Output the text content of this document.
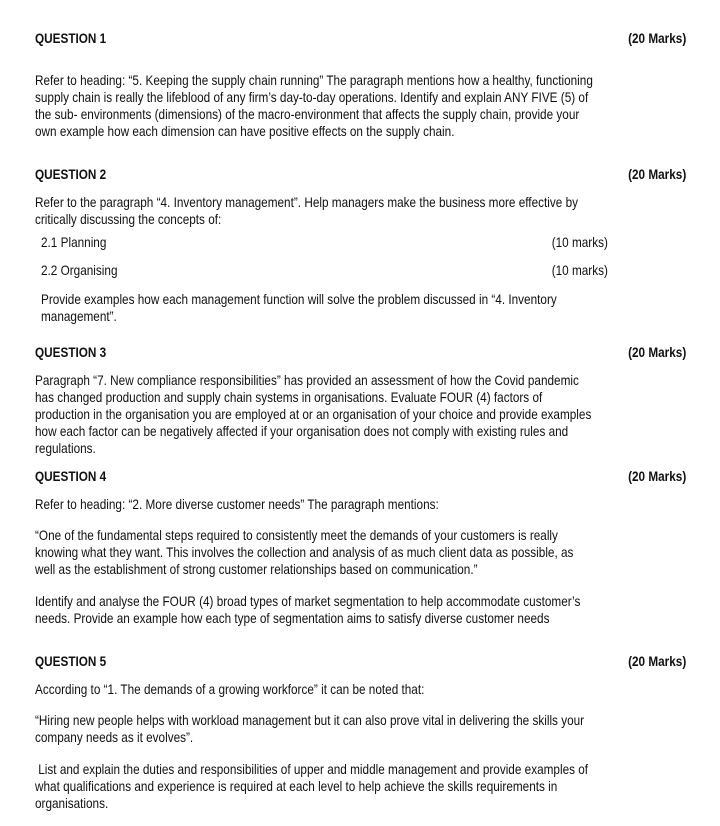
QUESTION 1	(20 Marks)
Refer to heading: “5. Keeping the supply chain running” The paragraph mentions how a healthy, functioning
supply chain is really the lifeblood of any firm’s day-to-day operations. Identify and explain ANY FIVE (5) of
the sub- environments (dimensions) of the macro-environment that affects the supply chain, provide your
own example how each dimension can have positive effects on the supply chain.
QUESTION 2	(20 Marks)
Refer to the paragraph “4. Inventory management”. Help managers make the business more effective by
critically discussing the concepts of:
2.1 Planning	(10 marks)
2.2 Organising	(10 marks)
Provide examples how each management function will solve the problem discussed in “4. Inventory
management”.
QUESTION 3	(20 Marks)
Paragraph “7. New compliance responsibilities” has provided an assessment of how the Covid pandemic
has changed production and supply chain systems in organisations. Evaluate FOUR (4) factors of
production in the organisation you are employed at or an organisation of your choice and provide examples
how each factor can be negatively affected if your organisation does not comply with existing rules and
regulations.
QUESTION 4	(20 Marks)
Refer to heading: “2. More diverse customer needs” The paragraph mentions:
“One of the fundamental steps required to consistently meet the demands of your customers is really
knowing what they want. This involves the collection and analysis of as much client data as possible, as
well as the establishment of strong customer relationships based on communication.”
Identify and analyse the FOUR (4) broad types of market segmentation to help accommodate customer’s
needs. Provide an example how each type of segmentation aims to satisfy diverse customer needs
QUESTION 5	(20 Marks)
According to “1. The demands of a growing workforce” it can be noted that:
“Hiring new people helps with workload management but it can also prove vital in delivering the skills your
company needs as it evolves”.
List and explain the duties and responsibilities of upper and middle management and provide examples of
what qualifications and experience is required at each level to help achieve the skills requirements in
organisations.
